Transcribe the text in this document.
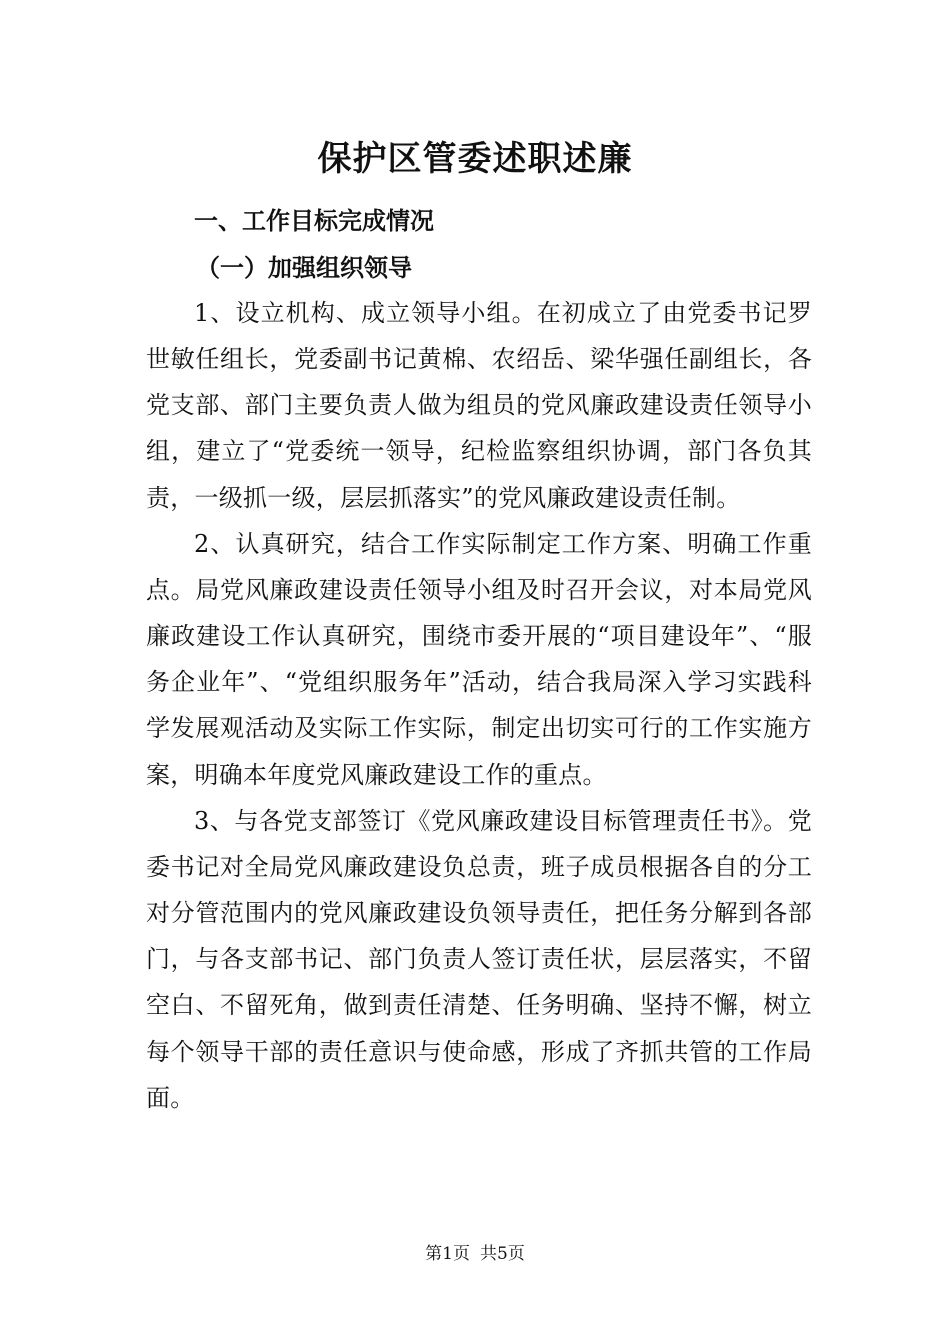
保护区管委述职述廉
一、工作目标完成情况
（一）加强组织领导

1、设立机构、成立领导小组。在初成立了由党委书记罗世敏任组长，党委副书记黄棉、农绍岳、梁华强任副组长，各党支部、部门主要负责人做为组员的党风廉政建设责任领导小组，建立了“党委统一领导，纪检监察组织协调，部门各负其责，一级抓一级，层层抓落实”的党风廉政建设责任制。

2、认真研究，结合工作实际制定工作方案、明确工作重点。局党风廉政建设责任领导小组及时召开会议，对本局党风廉政建设工作认真研究，围绕市委开展的“项目建设年”、“服务企业年”、“党组织服务年”活动，结合我局深入学习实践科学发展观活动及实际工作实际，制定出切实可行的工作实施方案，明确本年度党风廉政建设工作的重点。

3、与各党支部签订《党风廉政建设目标管理责任书》。党委书记对全局党风廉政建设负总责，班子成员根据各自的分工对分管范围内的党风廉政建设负领导责任，把任务分解到各部门，与各支部书记、部门负责人签订责任状，层层落实，不留空白、不留死角，做到责任清楚、任务明确、坚持不懈，树立每个领导干部的责任意识与使命感，形成了齐抓共管的工作局面。

第1页 共5页
